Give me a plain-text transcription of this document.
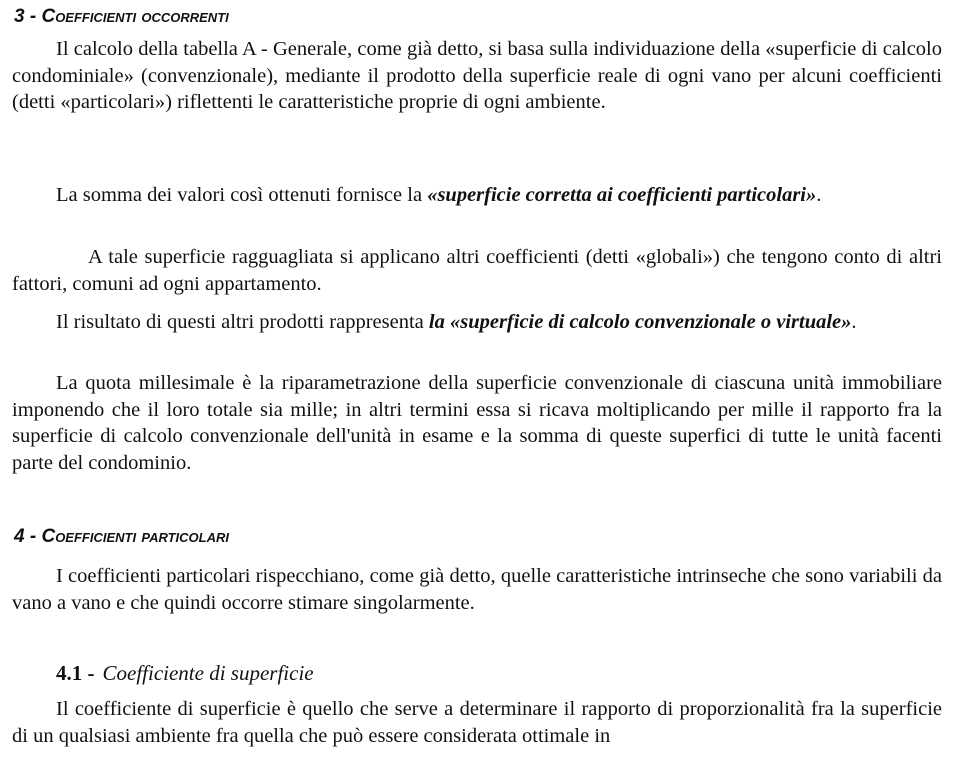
3 - Coefficienti occorrenti

Il calcolo della tabella A - Generale, come già detto, si basa sulla individuazione della «superficie di calcolo condominiale» (convenzionale), mediante il prodotto della superficie reale di ogni vano per alcuni coefficienti (detti «particolari») riflettenti le caratteristiche proprie di ogni ambiente.

La somma dei valori così ottenuti fornisce la «superficie corretta ai coefficienti particolari».

A tale superficie ragguagliata si applicano altri coefficienti (detti «globali») che tengono conto di altri fattori, comuni ad ogni appartamento.

Il risultato di questi altri prodotti rappresenta la «superficie di calcolo convenzionale o virtuale».

La quota millesimale è la riparametrazione della superficie convenzionale di ciascuna unità immobiliare imponendo che il loro totale sia mille; in altri termini essa si ricava moltiplicando per mille il rapporto fra la superficie di calcolo convenzionale dell'unità in esame e la somma di queste superfici di tutte le unità facenti parte del condominio.

4 - Coefficienti particolari

I coefficienti particolari rispecchiano, come già detto, quelle caratteristiche intrinseche che sono variabili da vano a vano e che quindi occorre stimare singolarmente.

4.1 - Coefficiente di superficie

Il coefficiente di superficie è quello che serve a determinare il rapporto di proporzionalità fra la superficie di un qualsiasi ambiente fra quella che può essere considerata ottimale in
